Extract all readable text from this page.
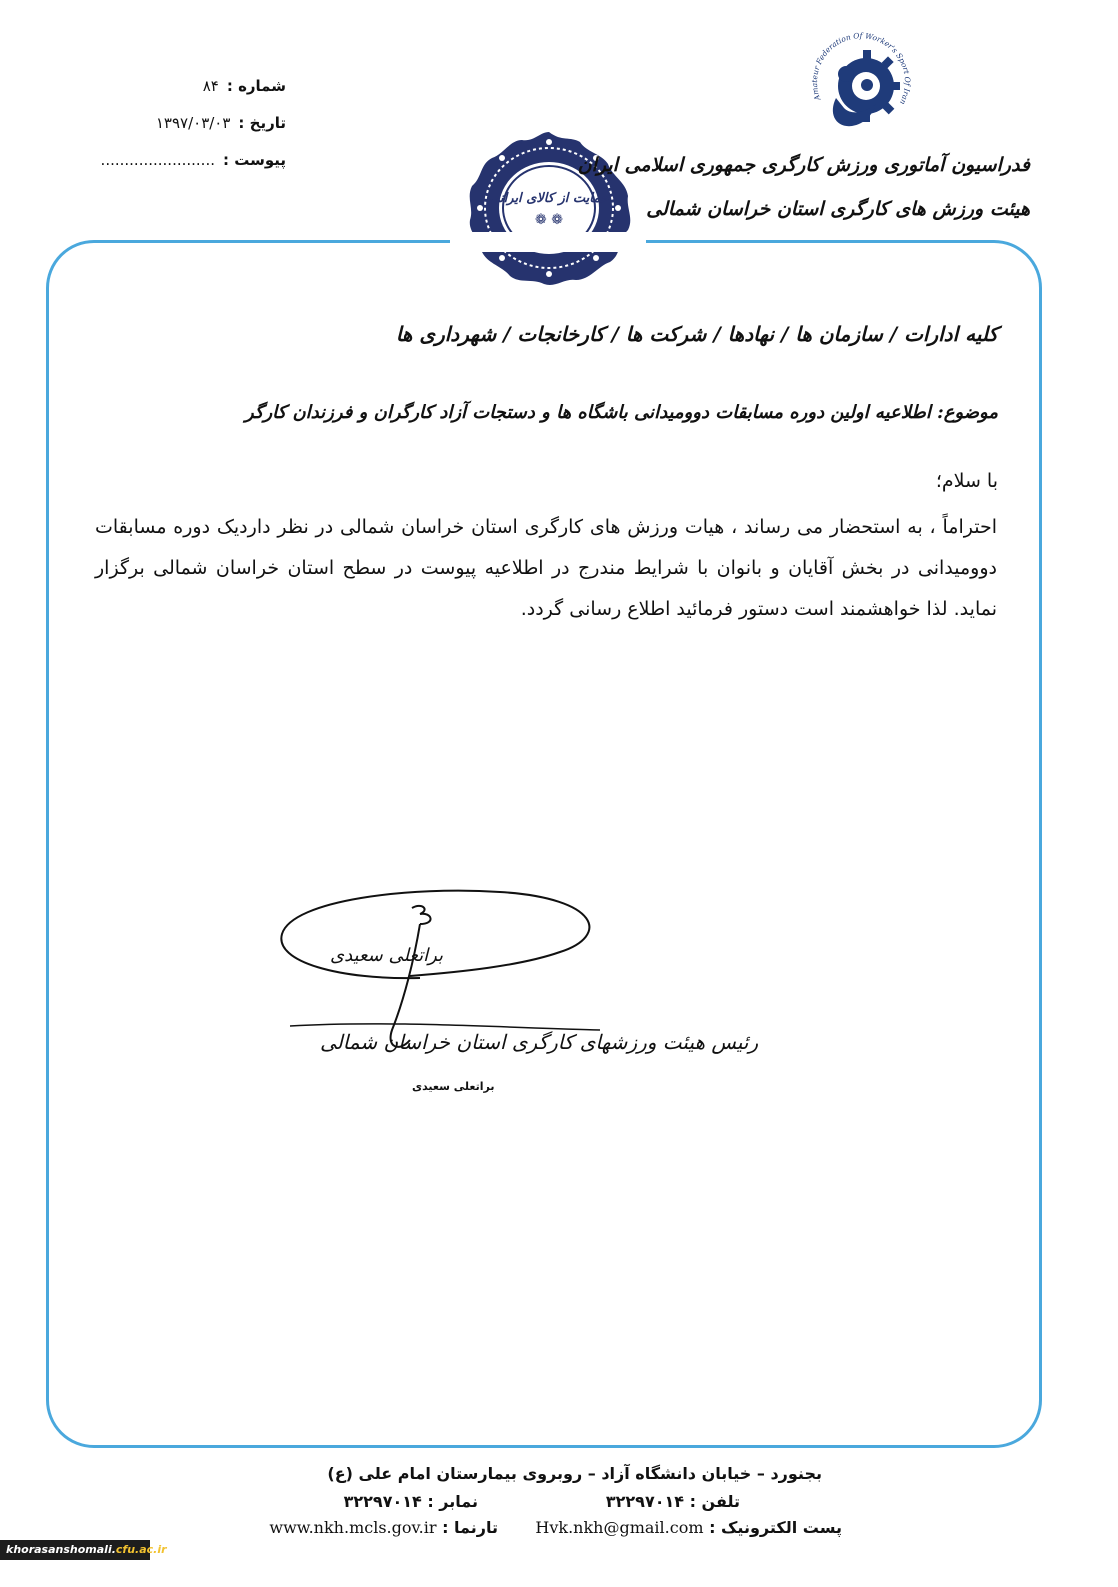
شماره :
۸۴
تاریخ :
۱۳۹۷/۰۳/۰۳
پیوست :
........................
حمایت از کالای ایرانی
❁ ❁
Amateur Federation Of Worker's Sport Of Iran
فدراسیون آماتوری ورزش کارگری جمهوری اسلامی ایران
هیئت ورزش های کارگری استان خراسان شمالی
کلیه ادارات / سازمان ها / نهادها / شرکت ها / کارخانجات / شهرداری ها
موضوع: اطلاعیه اولین دوره مسابقات دوومیدانی باشگاه ها و دستجات آزاد کارگران و فرزندان کارگر
با سلام؛
احتراماً ، به استحضار می رساند ، هیات ورزش های کارگری استان خراسان شمالی در نظر داردیک دوره مسابقات دوومیدانی در بخش آقایان و بانوان با شرایط مندرج در اطلاعیه پیوست در سطح استان خراسان شمالی برگزار نماید. لذا خواهشمند است دستور فرمائید اطلاع رسانی گردد.
براتعلی سعیدی
رئیس هیئت ورزشهای کارگری استان خراسان شمالی
براتعلی سعیدی
بجنورد – خیابان دانشگاه آزاد – روبروی بیمارستان امام علی (ع)
تلفن : ۳۲۲۹۷۰۱۴
نمابر : ۳۲۲۹۷۰۱۴
پست الکترونیک : Hvk.nkh@gmail.com
تارنما : www.nkh.mcls.gov.ir
khorasanshomali.cfu.ac.ir
